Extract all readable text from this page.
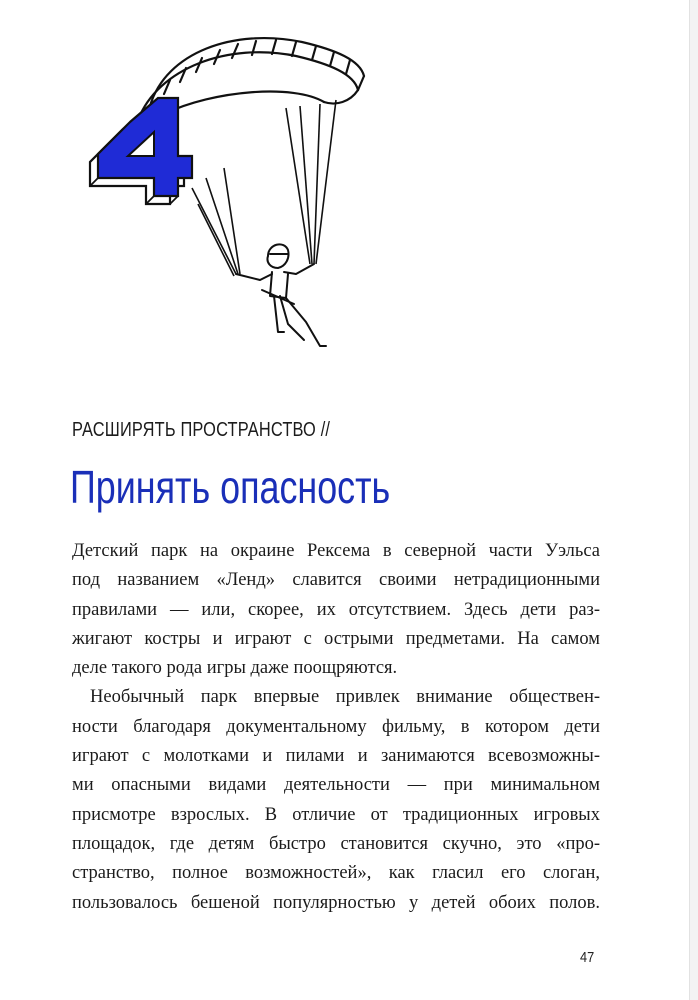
РАСШИРЯТЬ ПРОСТРАНСТВО //
Принять опасность

Детский парк на окраине Рексема в северной части Уэльса
под названием «Ленд» славится своими нетрадиционными
правилами — или, скорее, их отсутствием. Здесь дети раз-
жигают костры и играют с острыми предметами. На самом
деле такого рода игры даже поощряются.

Необычный парк впервые привлек внимание обществен-
ности благодаря документальному фильму, в котором дети
играют с молотками и пилами и занимаются всевозможны-
ми опасными видами деятельности — при минимальном
присмотре взрослых. В отличие от традиционных игровых
площадок, где детям быстро становится скучно, это «про-
странство, полное возможностей», как гласил его слоган,
пользовалось бешеной популярностью у детей обоих полов.

47
